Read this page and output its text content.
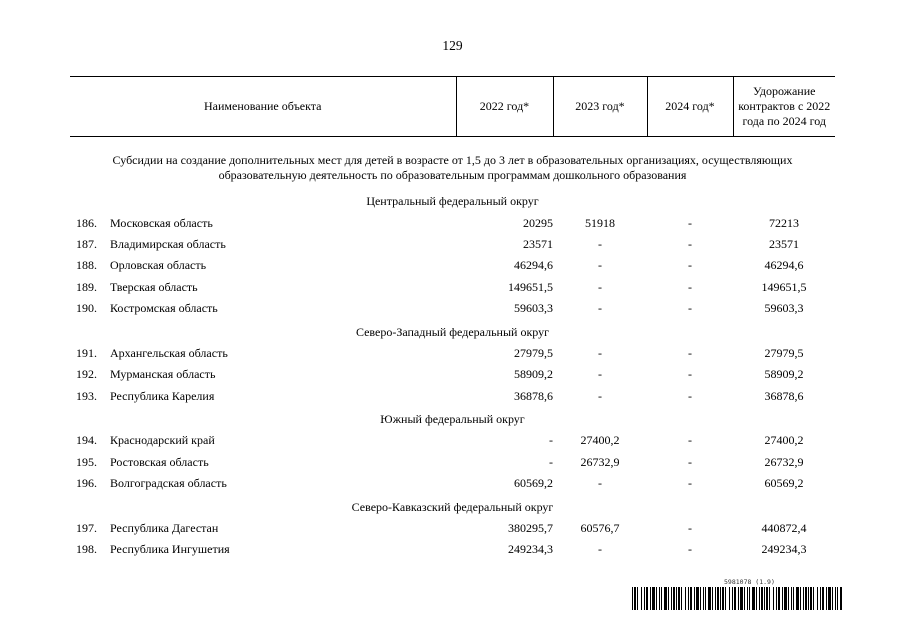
129
Наименование объекта	2022 год*	2023 год*	2024 год*	Удорожание контрактов с 2022 года по 2024 год
Субсидии на создание дополнительных мест для детей в возрасте от 1,5 до 3 лет в образовательных организациях, осуществляющих образовательную деятельность по образовательным программам дошкольного образования				
Центральный федеральный округ				
186. Московская область	20295	51918	-	72213
187. Владимирская область	23571	-	-	23571
188. Орловская область	46294,6	-	-	46294,6
189. Тверская область	149651,5	-	-	149651,5
190. Костромская область	59603,3	-	-	59603,3
Северо-Западный федеральный округ				
191. Архангельская область	27979,5	-	-	27979,5
192. Мурманская область	58909,2	-	-	58909,2
193. Республика Карелия	36878,6	-	-	36878,6
Южный федеральный округ				
194. Краснодарский край	-	27400,2	-	27400,2
195. Ростовская область	-	26732,9	-	26732,9
196. Волгоградская область	60569,2	-	-	60569,2
Северо-Кавказский федеральный округ				
197. Республика Дагестан	380295,7	60576,7	-	440872,4
198. Республика Ингушетия	249234,3	-	-	249234,3
5981078 (1.9)
